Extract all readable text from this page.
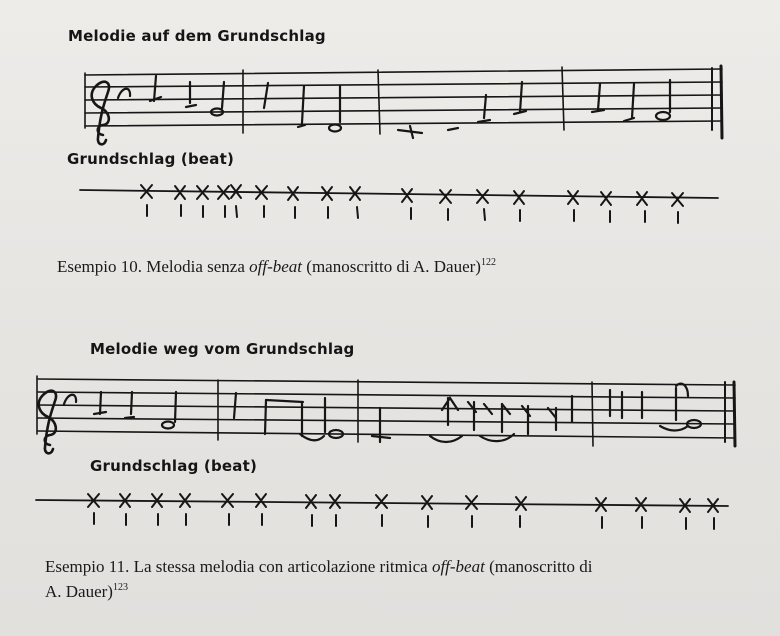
Melodie auf dem Grundschlag
Grundschlag (beat)
Esempio 10. Melodia senza off-beat (manoscritto di A. Dauer)$^{122}$
Melodie weg vom Grundschlag
Grundschlag (beat)
Esempio 11. La stessa melodia con articolazione ritmica off-beat (manoscritto di
A. Dauer)$^{123}$
